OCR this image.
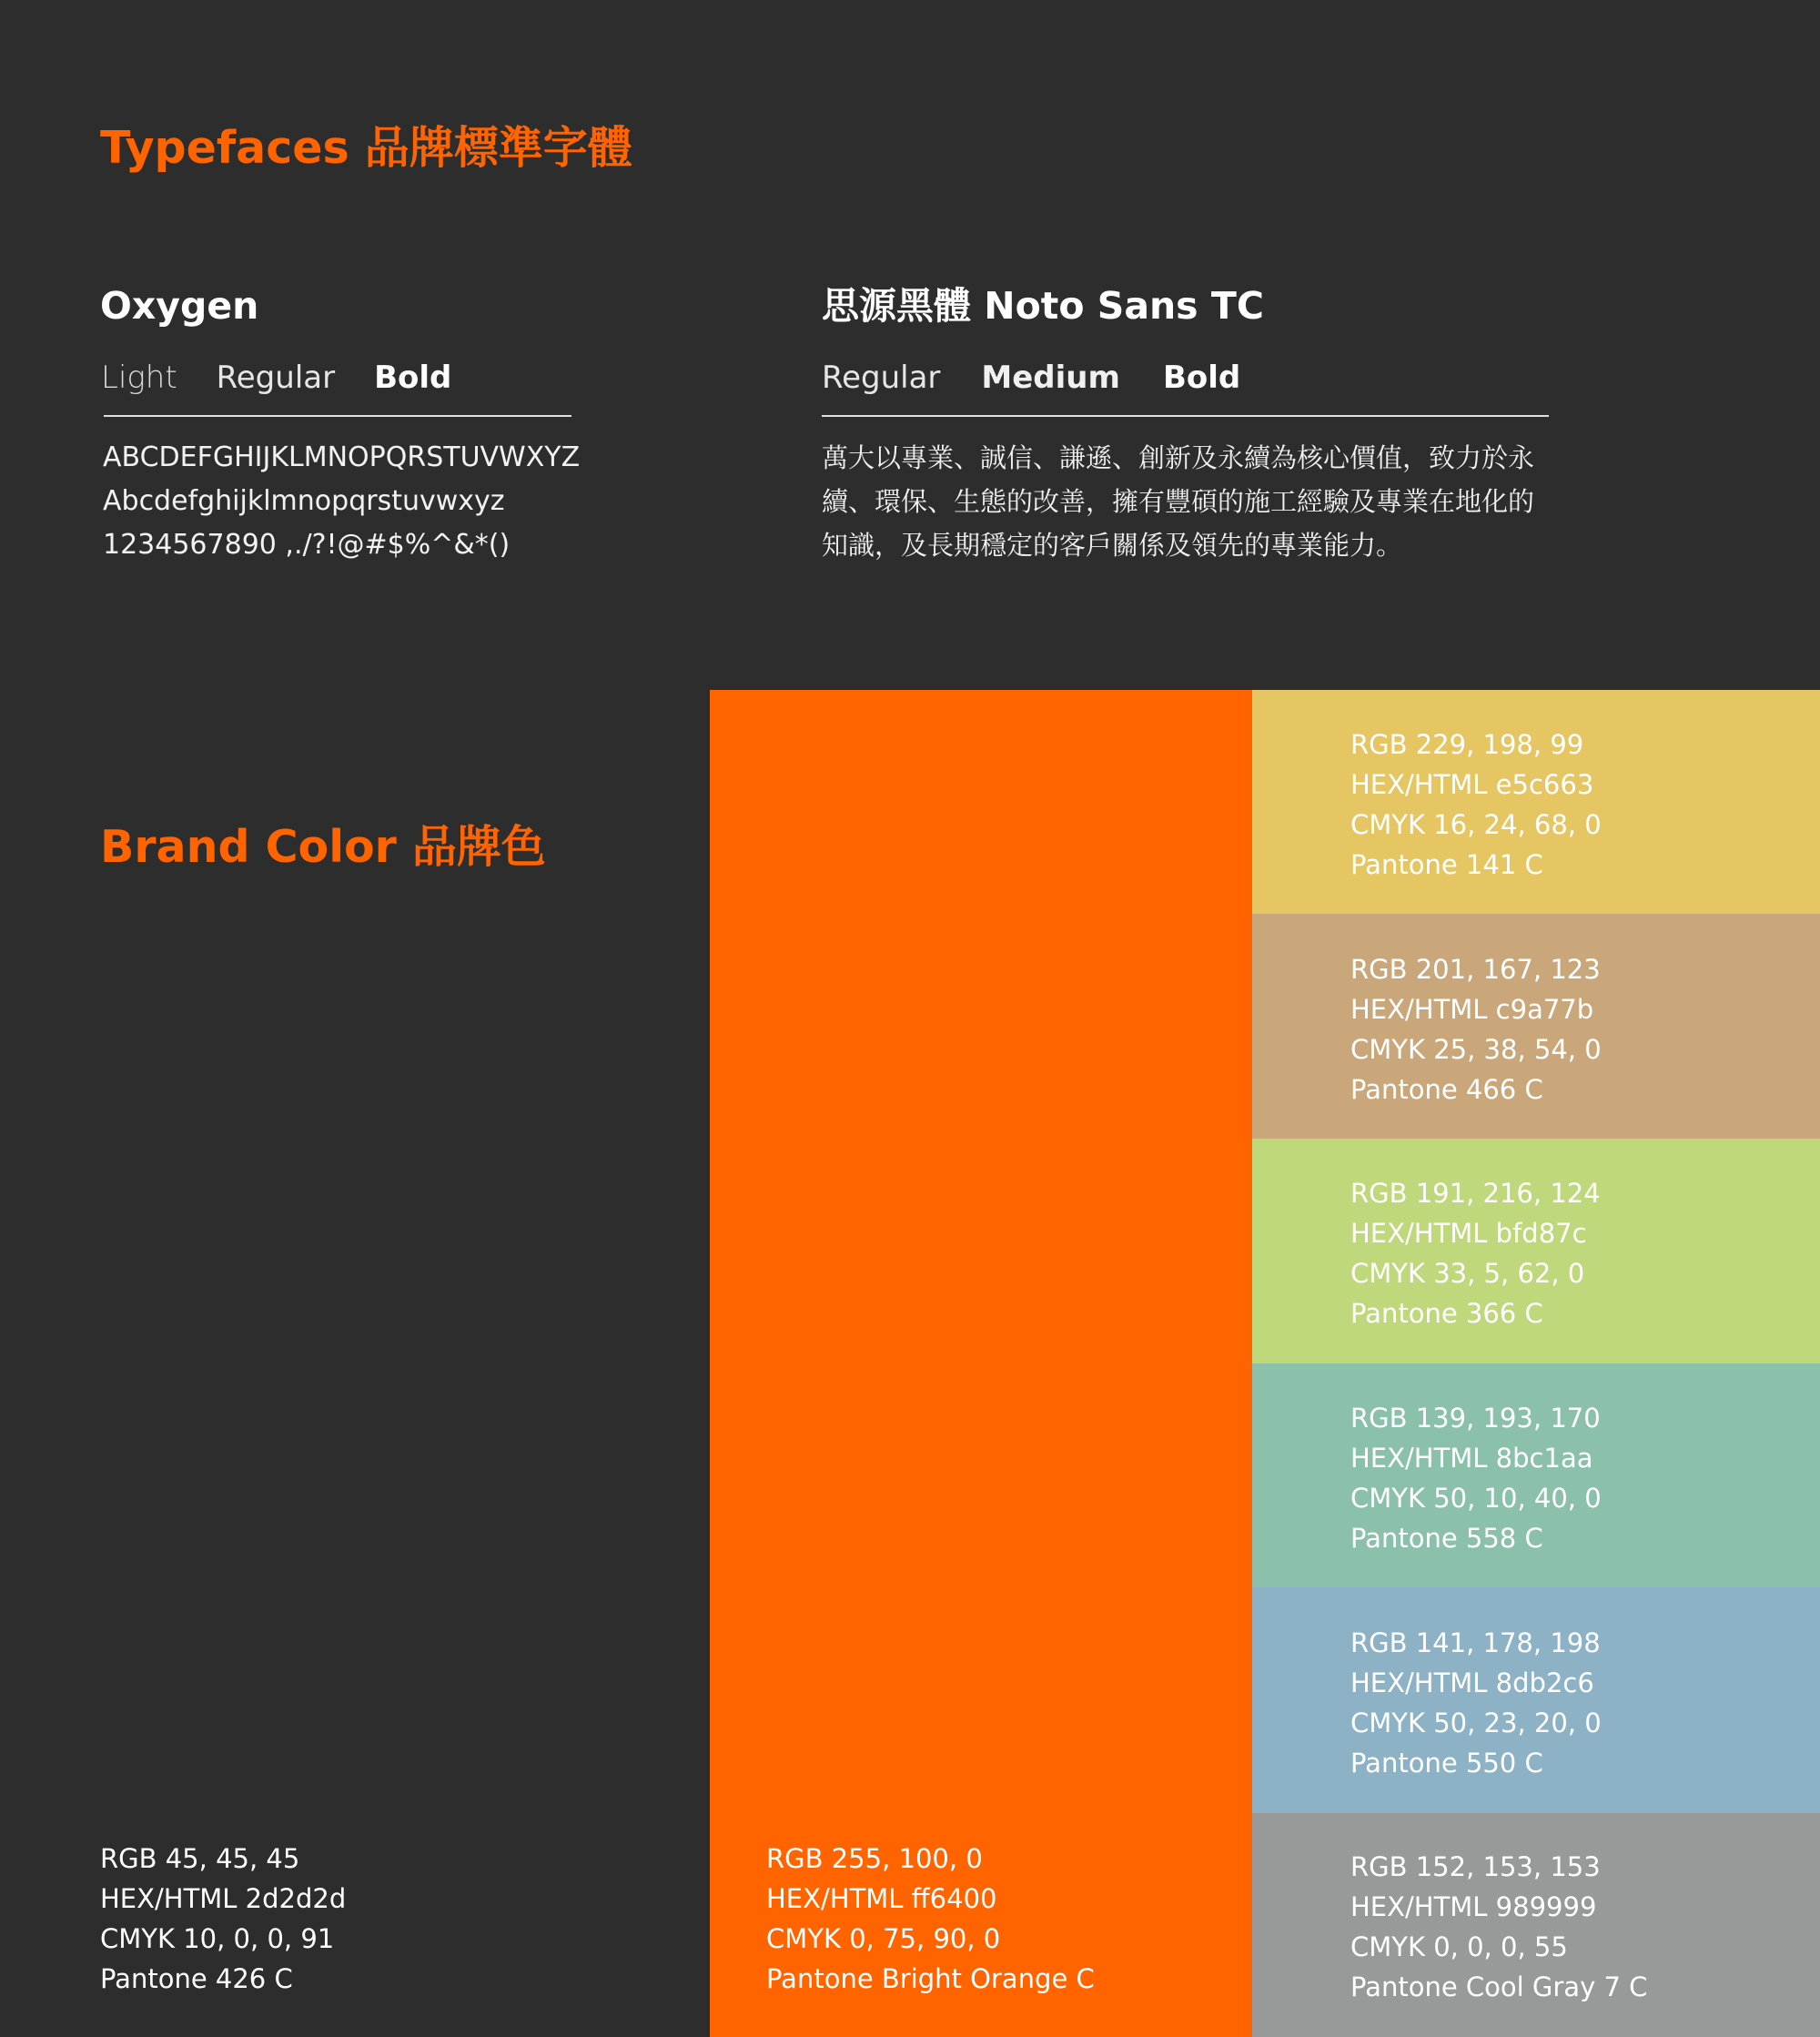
Typefaces 品牌標準字體
Oxygen
Light Regular Bold
ABCDEFGHIJKLMNOPQRSTUVWXYZ
Abcdefghijklmnopqrstuvwxyz
1234567890 ,./?!@#$%^&*()
思源黑體 Noto Sans TC
Regular Medium Bold
萬大以專業、誠信、謙遜、創新及永續為核心價值，致力於永續、環保、生態的改善，擁有豐碩的施工經驗及專業在地化的知識，及長期穩定的客戶關係及領先的專業能力。
Brand Color 品牌色
RGB 45, 45, 45
HEX/HTML 2d2d2d
CMYK 10, 0, 0, 91
Pantone 426 C
RGB 255, 100, 0
HEX/HTML ff6400
CMYK 0, 75, 90, 0
Pantone Bright Orange C
RGB 229, 198, 99
HEX/HTML e5c663
CMYK 16, 24, 68, 0
Pantone 141 C
RGB 201, 167, 123
HEX/HTML c9a77b
CMYK 25, 38, 54, 0
Pantone 466 C
RGB 191, 216, 124
HEX/HTML bfd87c
CMYK 33, 5, 62, 0
Pantone 366 C
RGB 139, 193, 170
HEX/HTML 8bc1aa
CMYK 50, 10, 40, 0
Pantone 558 C
RGB 141, 178, 198
HEX/HTML 8db2c6
CMYK 50, 23, 20, 0
Pantone 550 C
RGB 152, 153, 153
HEX/HTML 989999
CMYK 0, 0, 0, 55
Pantone Cool Gray 7 C
